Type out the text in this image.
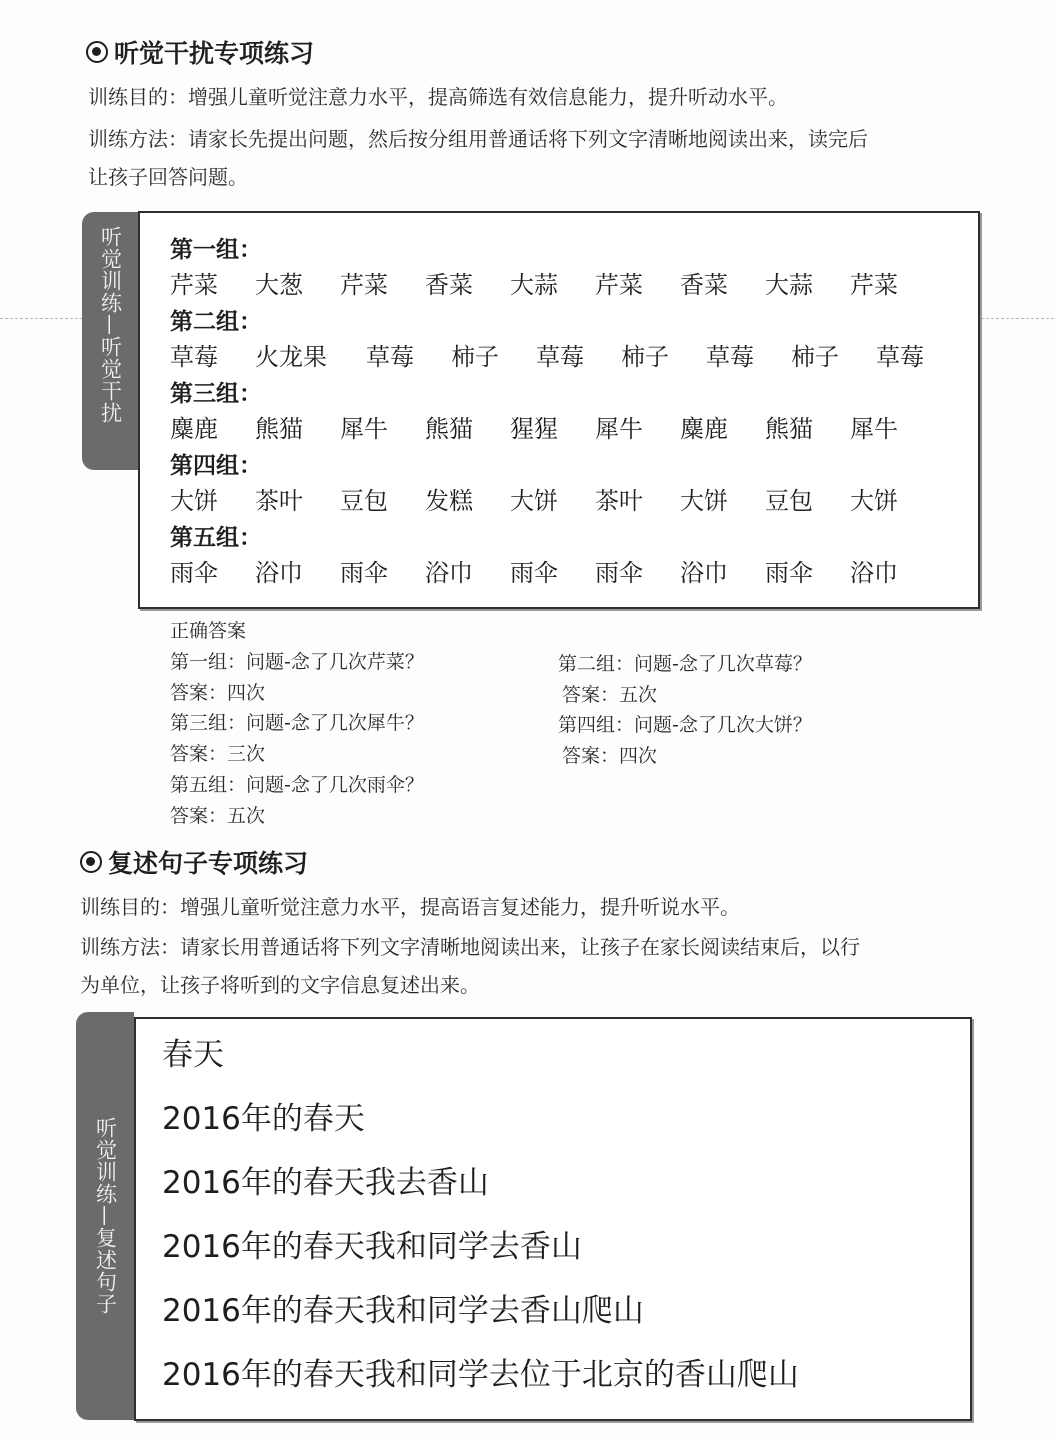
听觉干扰专项练习
训练目的：增强儿童听觉注意力水平，提高筛选有效信息能力，提升听动水平。
训练方法：请家长先提出问题，然后按分组用普通话将下列文字清晰地阅读出来，读完后
让孩子回答问题。
听觉训练—听觉干扰 第一组：
芹菜 大葱 芹菜 香菜 大蒜 芹菜 香菜 大蒜 芹菜
第二组：
草莓 火龙果 草莓 柿子 草莓 柿子 草莓 柿子 草莓
第三组：
麋鹿 熊猫 犀牛 熊猫 猩猩 犀牛 麋鹿 熊猫 犀牛
第四组：
大饼 茶叶 豆包 发糕 大饼 茶叶 大饼 豆包 大饼
第五组：
雨伞 浴巾 雨伞 浴巾 雨伞 雨伞 浴巾 雨伞 浴巾
正确答案
第一组：问题-念了几次芹菜？
答案：四次
第二组：问题-念了几次草莓？
答案：五次
第三组：问题-念了几次犀牛？
答案：三次
第四组：问题-念了几次大饼？
答案：四次
第五组：问题-念了几次雨伞？
答案：五次
复述句子专项练习
训练目的：增强儿童听觉注意力水平，提高语言复述能力，提升听说水平。
训练方法：请家长用普通话将下列文字清晰地阅读出来，让孩子在家长阅读结束后，以行
为单位，让孩子将听到的文字信息复述出来。
听觉训练—复述句子
春天
2016年的春天
2016年的春天我去香山
2016年的春天我和同学去香山
2016年的春天我和同学去香山爬山
2016年的春天我和同学去位于北京的香山爬山
